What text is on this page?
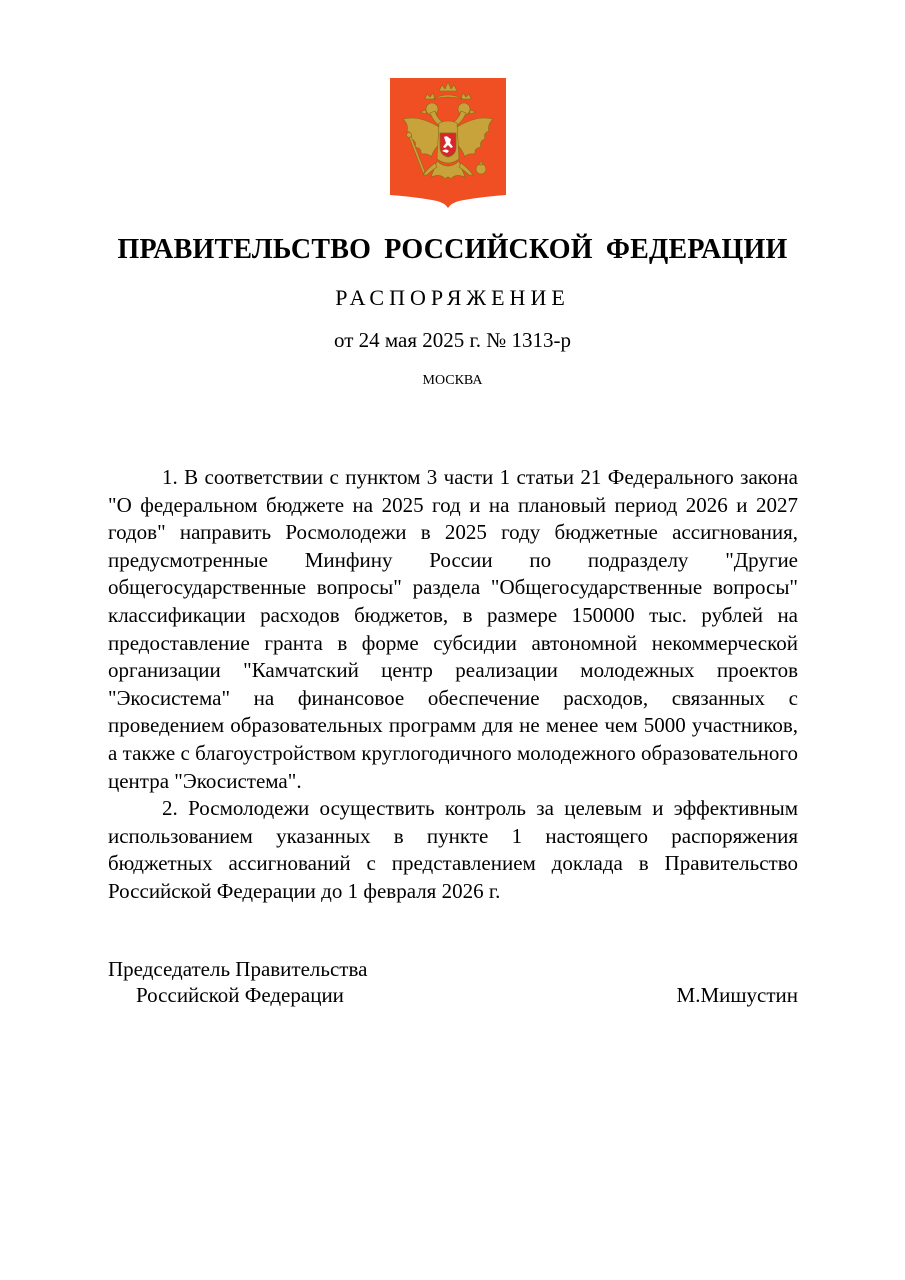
ПРАВИТЕЛЬСТВО РОССИЙСКОЙ ФЕДЕРАЦИИ
РАСПОРЯЖЕНИЕ
от 24 мая 2025 г. № 1313-р
МОСКВА

1. В соответствии с пунктом 3 части 1 статьи 21 Федерального закона "О федеральном бюджете на 2025 год и на плановый период 2026 и 2027 годов" направить Росмолодежи в 2025 году бюджетные ассигнования, предусмотренные Минфину России по подразделу "Другие общегосударственные вопросы" раздела "Общегосударственные вопросы" классификации расходов бюджетов, в размере 150000 тыс. рублей на предоставление гранта в форме субсидии автономной некоммерческой организации "Камчатский центр реализации молодежных проектов "Экосистема" на финансовое обеспечение расходов, связанных с проведением образовательных программ для не менее чем 5000 участников, а также с благоустройством круглогодичного молодежного образовательного центра "Экосистема".

2. Росмолодежи осуществить контроль за целевым и эффективным использованием указанных в пункте 1 настоящего распоряжения бюджетных ассигнований с представлением доклада в Правительство Российской Федерации до 1 февраля 2026 г.

Председатель Правительства
Российской Федерации	М.Мишустин
